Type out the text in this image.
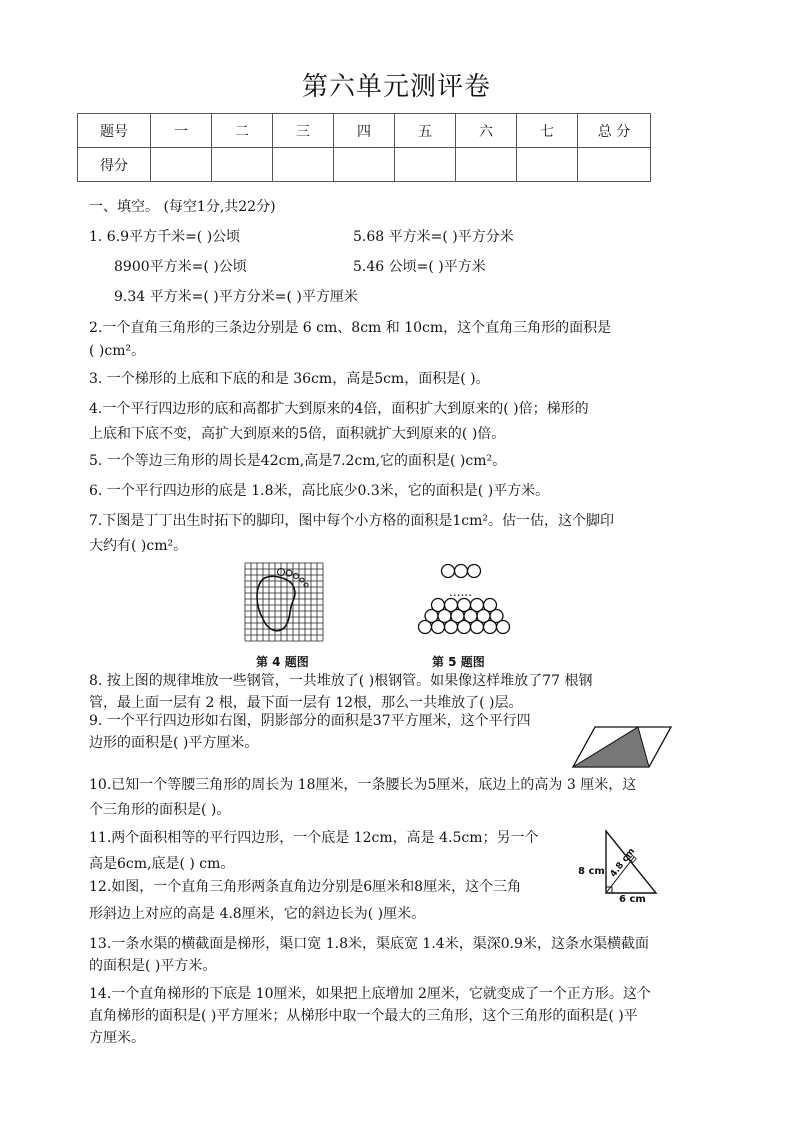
第六单元测评卷
题号	一	二	三	四	五	六	七	总 分
得分								
一、填空。 (每空1分,共22分)
1. 6.9平方千米=( )公顷	5.68 平方米=( )平方分米
8900平方米=( )公顷	5.46 公顷=( )平方米
9.34 平方米=( )平方分米=( )平方厘米
2.一个直角三角形的三条边分别是 6 cm、8cm 和 10cm，这个直角三角形的面积是
( )cm²。
3. 一个梯形的上底和下底的和是 36cm，高是5cm，面积是( )。
4.一个平行四边形的底和高都扩大到原来的4倍，面积扩大到原来的( )倍；梯形的
上底和下底不变，高扩大到原来的5倍，面积就扩大到原来的( )倍。
5. 一个等边三角形的周长是42cm,高是7.2cm,它的面积是( )cm²。
6. 一个平行四边形的底是 1.8米，高比底少0.3米，它的面积是( )平方米。
7.下图是丁丁出生时拓下的脚印，图中每个小方格的面积是1cm²。估一估，这个脚印
大约有( )cm²。
第 4 题图
......
第 5 题图
8. 按上图的规律堆放一些钢管，一共堆放了( )根钢管。如果像这样堆放了77 根钢
管，最上面一层有 2 根，最下面一层有 12根，那么一共堆放了( )层。
9. 一个平行四边形如右图，阴影部分的面积是37平方厘米，这个平行四
边形的面积是( )平方厘米。
10.已知一个等腰三角形的周长为 18厘米，一条腰长为5厘米，底边上的高为 3 厘米，这
个三角形的面积是( )。
11.两个面积相等的平行四边形，一个底是 12cm，高是 4.5cm；另一个
高是6cm,底是( ) cm。	8 cm 4.8 cm
6 cm
12.如图，一个直角三角形两条直角边分别是6厘米和8厘米，这个三角
形斜边上对应的高是 4.8厘米，它的斜边长为( )厘米。
13.一条水渠的横截面是梯形，渠口宽 1.8米，渠底宽 1.4米，渠深0.9米，这条水渠横截面
的面积是( )平方米。
14.一个直角梯形的下底是 10厘米，如果把上底增加 2厘米，它就变成了一个正方形。这个
直角梯形的面积是( )平方厘米；从梯形中取一个最大的三角形，这个三角形的面积是( )平
方厘米。
